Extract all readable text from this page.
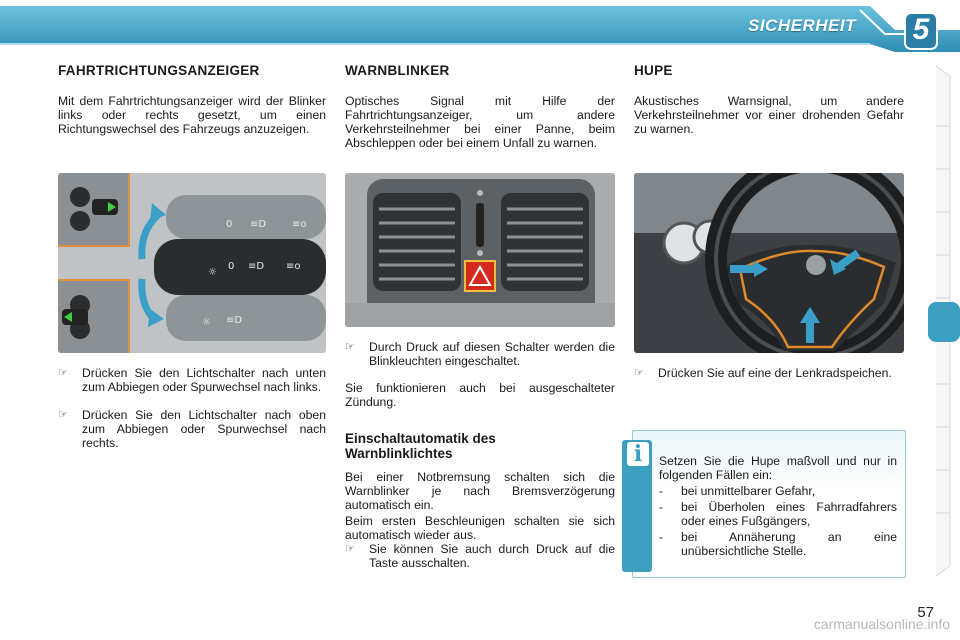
SICHERHEIT	5
FAHRTRICHTUNGSANZEIGER

Mit dem Fahrtrichtungsanzeiger wird der Blinker links oder rechts gesetzt, um einen Richtungswechsel des Fahrzeugs anzuzeigen.

0 ≡D	≡o
☼
0 ≡D ≡o
☼ ≡D
☞	Drücken Sie den Lichtschalter nach unten zum Abbiegen oder Spurwechsel nach links.
☞	Drücken Sie den Lichtschalter nach oben zum Abbiegen oder Spurwechsel nach rechts.
WARNBLINKER

Optisches Signal mit Hilfe der Fahrtrichtungsanzeiger, um andere Verkehrsteilnehmer bei einer Panne, beim Abschleppen oder bei einem Unfall zu warnen.

☞	Durch Druck auf diesen Schalter werden die Blinkleuchten eingeschaltet.

Sie funktionieren auch bei ausgeschalteter Zündung.

Einschaltautomatik des Warnblinklichtes

Bei einer Notbremsung schalten sich die Warnblinker je nach Bremsverzögerung automatisch ein.

Beim ersten Beschleunigen schalten sie sich automatisch wieder aus.

☞	Sie können Sie auch durch Druck auf die Taste ausschalten.
HUPE

Akustisches Warnsignal, um andere Verkehrsteilnehmer vor einer drohenden Gefahr zu warnen.

☞	Drücken Sie auf eine der Lenkradspeichen.
i	Setzen Sie die Hupe maßvoll und nur in folgenden Fällen ein:

- bei unmittelbarer Gefahr,
- bei Überholen eines Fahrradfahrers oder eines Fußgängers,
- bei Annäherung an eine unübersichtliche Stelle.
57
carmanualsonline.info
